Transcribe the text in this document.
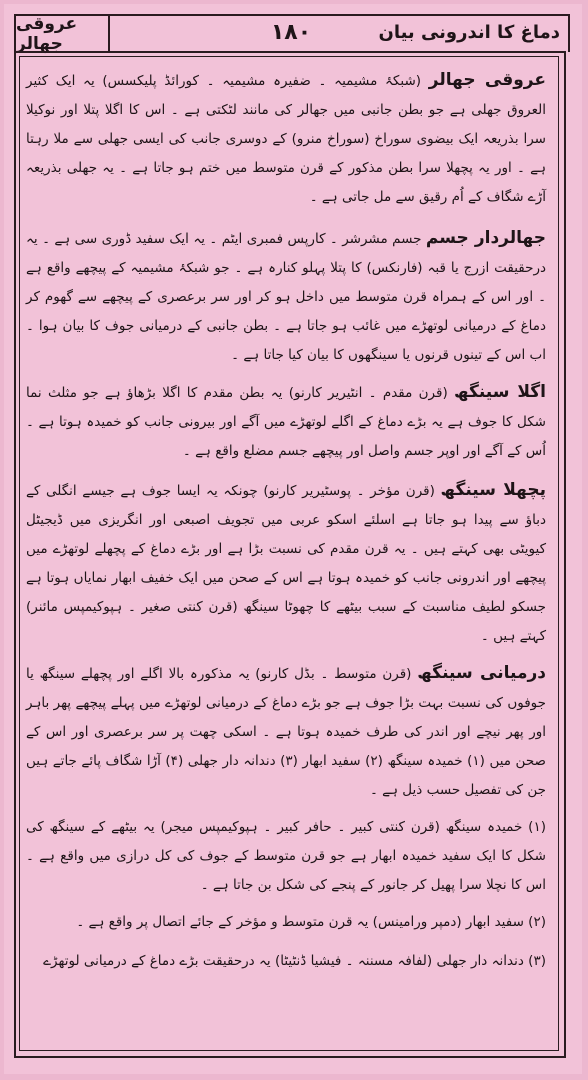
عروقی جھالر	۱۸۰	دماغ کا اندرونی بیان

عروقی جھالر (شبکۂ مشیمیہ ۔ ضفیرہ مشیمیہ ۔ کورائڈ پلیکسس) یہ ایک کثیر العروق جھلی ہے جو بطن جانبی میں جھالر کی مانند لٹکتی ہے ۔ اس کا اگلا پتلا اور نوکیلا سرا بذریعہ ایک بیضوی سوراخ (سوراخ منرو) کے دوسری جانب کی ایسی جھلی سے ملا رہتا ہے ۔ اور یہ پچھلا سرا بطن مذکور کے قرن متوسط میں ختم ہو جاتا ہے ۔ یہ جھلی بذریعہ آڑے شگاف کے اُم رقیق سے مل جاتی ہے ۔

جھالردار جسم جسم مشرشر ۔ کارپس فمبری ایٹم ۔ یہ ایک سفید ڈوری سی ہے ۔ یہ درحقیقت ازرج یا قبہ (فارنکس) کا پتلا پہلو کنارہ ہے ۔ جو شبکۂ مشیمیہ کے پیچھے واقع ہے ۔ اور اس کے ہمراہ قرن متوسط میں داخل ہو کر اور سر برعصری کے پیچھے سے گھوم کر دماغ کے درمیانی لوتھڑے میں غائب ہو جاتا ہے ۔ بطن جانبی کے درمیانی جوف کا بیان ہوا ۔ اب اس کے تینوں قرنوں یا سینگھوں کا بیان کیا جاتا ہے ۔

اگلا سینگھ (قرن مقدم ۔ انٹیریر کارنو) یہ بطن مقدم کا اگلا بڑھاؤ ہے جو مثلث نما شکل کا جوف ہے یہ بڑے دماغ کے اگلے لوتھڑے میں آگے اور بیرونی جانب کو خمیدہ ہوتا ہے ۔ اُس کے آگے اور اوپر جسم واصل اور پیچھے جسم مضلع واقع ہے ۔

پچھلا سینگھ (قرن مؤخر ۔ پوسٹیریر کارنو) چونکہ یہ ایسا جوف ہے جیسے انگلی کے دباؤ سے پیدا ہو جاتا ہے اسلئے اسکو عربی میں تجویف اصبعی اور انگریزی میں ڈیجیٹل کیویٹی بھی کہتے ہیں ۔ یہ قرن مقدم کی نسبت بڑا ہے اور بڑے دماغ کے پچھلے لوتھڑے میں پیچھے اور اندرونی جانب کو خمیدہ ہوتا ہے اس کے صحن میں ایک خفیف ابھار نمایاں ہوتا ہے جسکو لطیف مناسبت کے سبب بیٹھے کا چھوٹا سینگھ (قرن کنتی صغیر ۔ ہپوکیمپس مائنر) کہتے ہیں ۔

درمیانی سینگھ (قرن متوسط ۔ بڈل کارنو) یہ مذکورہ بالا اگلے اور پچھلے سینگھ یا جوفوں کی نسبت بہت بڑا جوف ہے جو بڑے دماغ کے درمیانی لوتھڑے میں پہلے پیچھے پھر باہر اور پھر نیچے اور اندر کی طرف خمیدہ ہوتا ہے ۔ اسکی چھت پر سر برعصری اور اس کے صحن میں (۱) خمیدہ سینگھ (۲) سفید ابھار (۳) دندانہ دار جھلی (۴) آڑا شگاف پائے جاتے ہیں جن کی تفصیل حسب ذیل ہے ۔

(۱) خمیدہ سینگھ (قرن کنتی کبیر ۔ حافر کبیر ۔ ہپوکیمپس میجر) یہ بیٹھے کے سینگھ کی شکل کا ایک سفید خمیدہ ابھار ہے جو قرن متوسط کے جوف کی کل درازی میں واقع ہے ۔ اس کا نچلا سرا پھیل کر جانور کے پنجے کی شکل بن جاتا ہے ۔

(۲) سفید ابھار (دمپر ورامینس) یہ قرن متوسط و مؤخر کے جائے اتصال پر واقع ہے ۔

(۳) دندانہ دار جھلی (لفافہ مسننہ ۔ فیشیا ڈنٹیٹا) یہ درحقیقت بڑے دماغ کے درمیانی لوتھڑے
